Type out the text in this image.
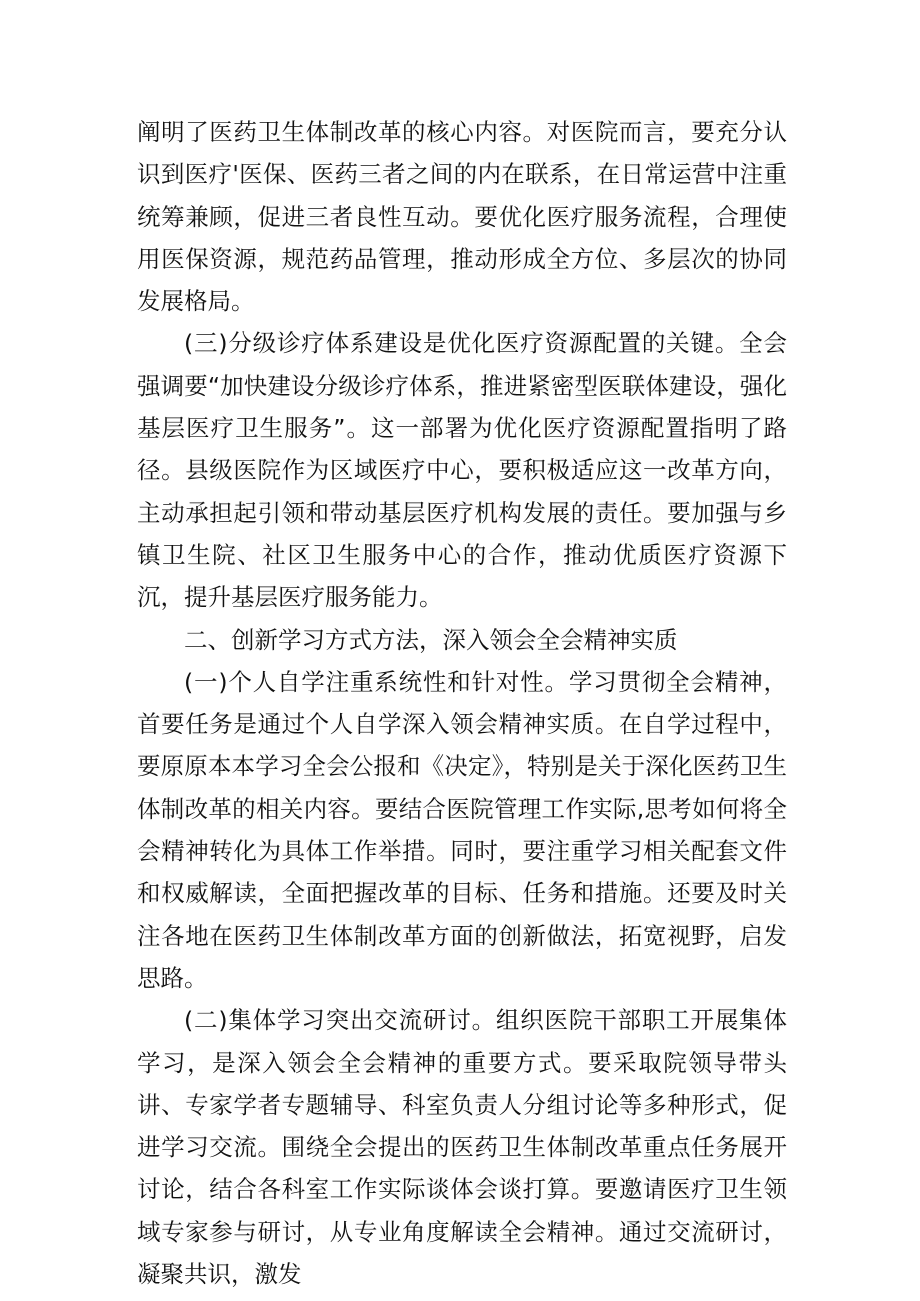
阐明了医药卫生体制改革的核心内容。对医院而言，要充分认识到医疗'医保、医药三者之间的内在联系，在日常运营中注重统筹兼顾，促进三者良性互动。要优化医疗服务流程，合理使用医保资源，规范药品管理，推动形成全方位、多层次的协同发展格局。

(三)分级诊疗体系建设是优化医疗资源配置的关键。全会强调要“加快建设分级诊疗体系，推进紧密型医联体建设，强化基层医疗卫生服务”。这一部署为优化医疗资源配置指明了路径。县级医院作为区域医疗中心，要积极适应这一改革方向，主动承担起引领和带动基层医疗机构发展的责任。要加强与乡镇卫生院、社区卫生服务中心的合作，推动优质医疗资源下沉，提升基层医疗服务能力。

二、创新学习方式方法，深入领会全会精神实质

(一)个人自学注重系统性和针对性。学习贯彻全会精神，首要任务是通过个人自学深入领会精神实质。在自学过程中，要原原本本学习全会公报和《决定》，特别是关于深化医药卫生体制改革的相关内容。要结合医院管理工作实际,思考如何将全会精神转化为具体工作举措。同时，要注重学习相关配套文件和权威解读，全面把握改革的目标、任务和措施。还要及时关注各地在医药卫生体制改革方面的创新做法，拓宽视野，启发思路。

(二)集体学习突出交流研讨。组织医院干部职工开展集体学习，是深入领会全会精神的重要方式。要采取院领导带头讲、专家学者专题辅导、科室负责人分组讨论等多种形式，促进学习交流。围绕全会提出的医药卫生体制改革重点任务展开讨论，结合各科室工作实际谈体会谈打算。要邀请医疗卫生领域专家参与研讨，从专业角度解读全会精神。通过交流研讨，凝聚共识，激发
